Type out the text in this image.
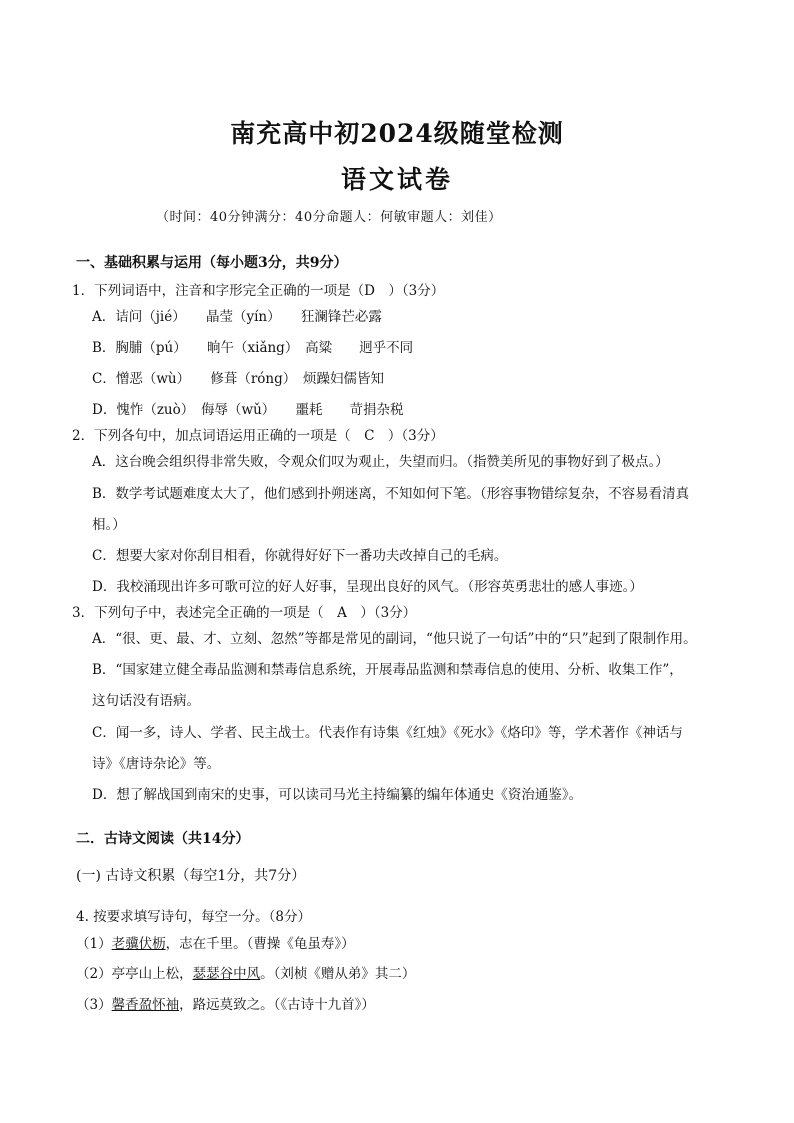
南充高中初2024级随堂检测
语文试卷
（时间：40分钟满分：40分命题人：何敏审题人：刘佳）
一、基础积累与运用（每小题3分，共9分）
1．下列词语中，注音和字形完全正确的一项是（D　）（3分）
A．诘问（jié）　　晶莹（yín）　　狂澜锋芒必露
B．胸脯（pú）　　晌午（xiǎng）　高粱　　迥乎不同
C．憎恶（wù）　　修葺（róng）　烦躁妇儒皆知
D．愧怍（zuò）　侮辱（wǔ）　　噩耗　　苛捐杂税
2．下列各句中，加点词语运用正确的一项是（　C　）（3分）
A．这台晚会组织得非常失败，令观众们叹为观止，失望而归。（指赞美所见的事物好到了极点。）
B．数学考试题难度太大了，他们感到扑朔迷离，不知如何下笔。（形容事物错综复杂，不容易看清真
相。）
C．想要大家对你刮目相看，你就得好好下一番功夫改掉自己的毛病。
D．我校涌现出许多可歌可泣的好人好事，呈现出良好的风气。（形容英勇悲壮的感人事迹。）
3．下列句子中，表述完全正确的一项是（　A　）（3分）
A．“很、更、最、才、立刻、忽然”等都是常见的副词，“他只说了一句话”中的“只”起到了限制作用。
B．“国家建立健全毒品监测和禁毒信息系统，开展毒品监测和禁毒信息的使用、分析、收集工作”，
这句话没有语病。
C．闻一多，诗人、学者、民主战士。代表作有诗集《红烛》《死水》《烙印》等，学术著作《神话与
诗》《唐诗杂论》等。
D．想了解战国到南宋的史事，可以读司马光主持编纂的编年体通史《资治通鉴》。
二．古诗文阅读（共14分）
(一) 古诗文积累（每空1分，共7分）
4. 按要求填写诗句，每空一分。（8分）
（1）老骥伏枥，志在千里。（曹操《龟虽寿》）
（2）亭亭山上松，瑟瑟谷中风。（刘桢《赠从弟》其二）
（3）馨香盈怀袖，路远莫致之。（《古诗十九首》）
